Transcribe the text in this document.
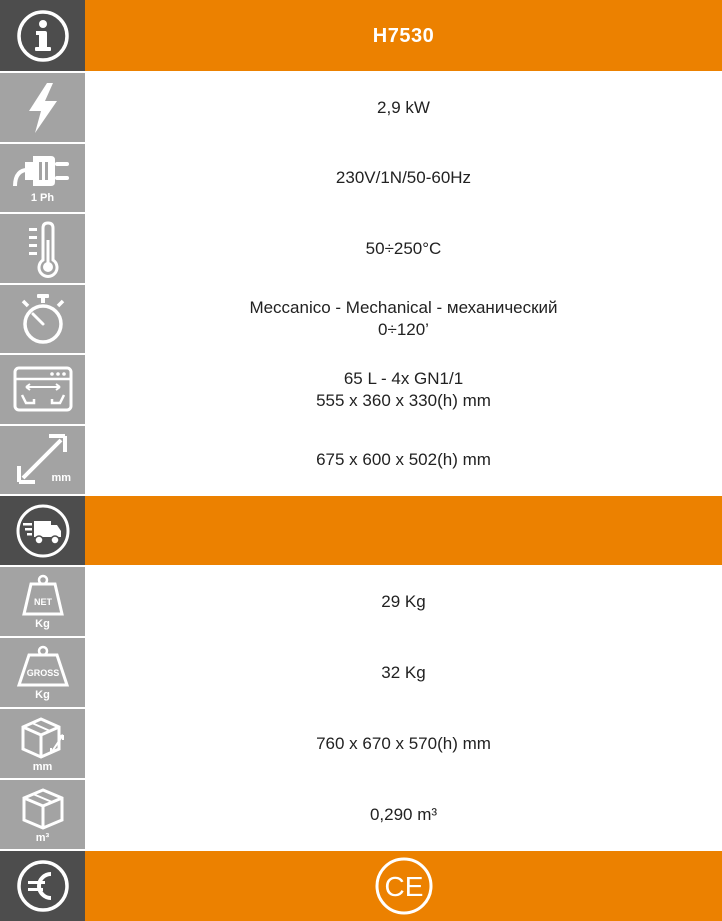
H7530
2,9 kW
1 Ph
230V/1N/50-60Hz
50÷250°C
Meccanico - Mechanical - механический
0÷120’
65 L - 4x GN1/1
555 x 360 x 330(h) mm
mm
675 x 600 x 502(h) mm
NET
Kg
29 Kg
GROSS
Kg
32 Kg
mm
760 x 670 x 570(h) mm
m³
0,290 m³
CE
